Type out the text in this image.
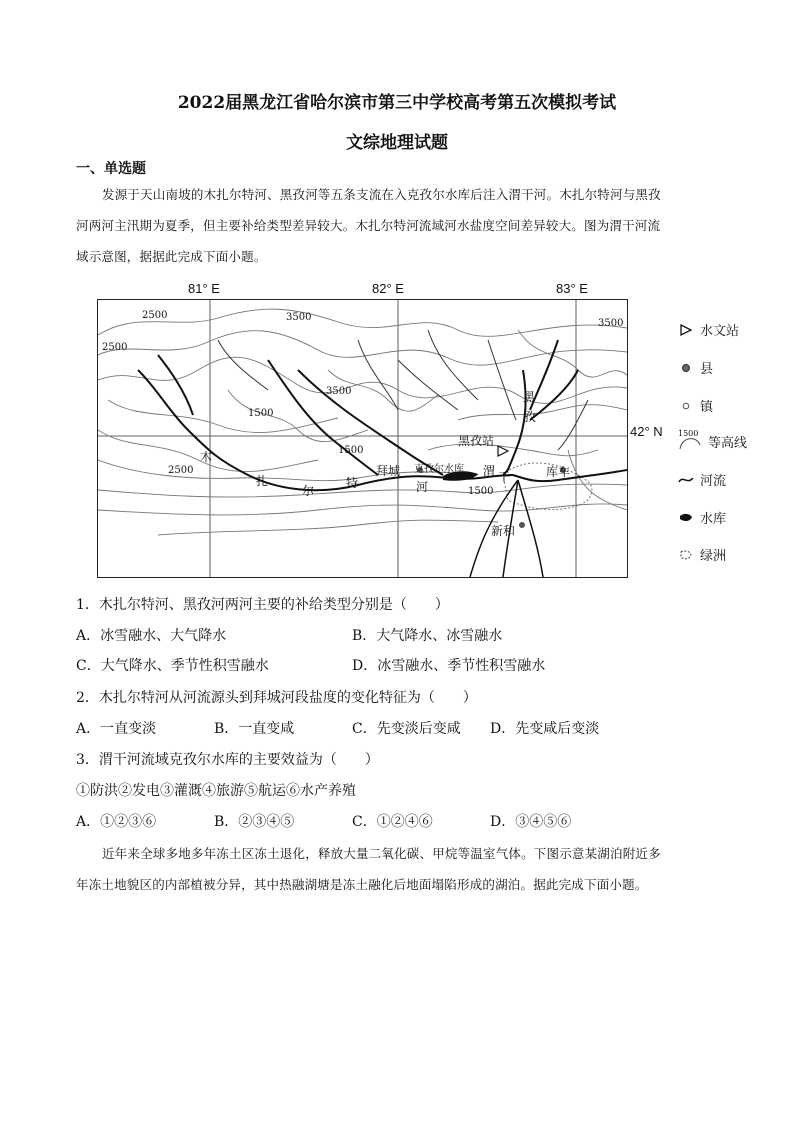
2022届黑龙江省哈尔滨市第三中学校高考第五次模拟考试
文综地理试题
一、单选题
发源于天山南坡的木扎尔特河、黑孜河等五条支流在入克孜尔水库后注入渭干河。木扎尔特河与黑孜
河两河主汛期为夏季，但主要补给类型差异较大。木扎尔特河流域河水盐度空间差异较大。图为渭干河流
域示意图，据据此完成下面小题。
81° E	82° E	83° E
42° N
2500	3500
3500
2500
3500
2500
1500
1500
1500
黑孜站
黑
孜
拜城
河
克孜尔水库 渭 干	库车
新和
木
扎
尔
特
水文站
县
镇
1500
等高线
河流
水库
绿洲
1．木扎尔特河、黑孜河两河主要的补给类型分别是（　　）
A．冰雪融水、大气降水	B．大气降水、冰雪融水
C．大气降水、季节性积雪融水	D．冰雪融水、季节性积雪融水
2．木扎尔特河从河流源头到拜城河段盐度的变化特征为（　　）
A．一直变淡	B．一直变咸	C．先变淡后变咸 D．先变咸后变淡
3．渭干河流域克孜尔水库的主要效益为（　　）
①防洪②发电③灌溉④旅游⑤航运⑥水产养殖
A．①②③⑥	B．②③④⑤	C．①②④⑥	D．③④⑤⑥
近年来全球多地多年冻土区冻土退化，释放大量二氧化碳、甲烷等温室气体。下图示意某湖泊附近多
年冻土地貌区的内部植被分异，其中热融湖塘是冻土融化后地面塌陷形成的湖泊。据此完成下面小题。
